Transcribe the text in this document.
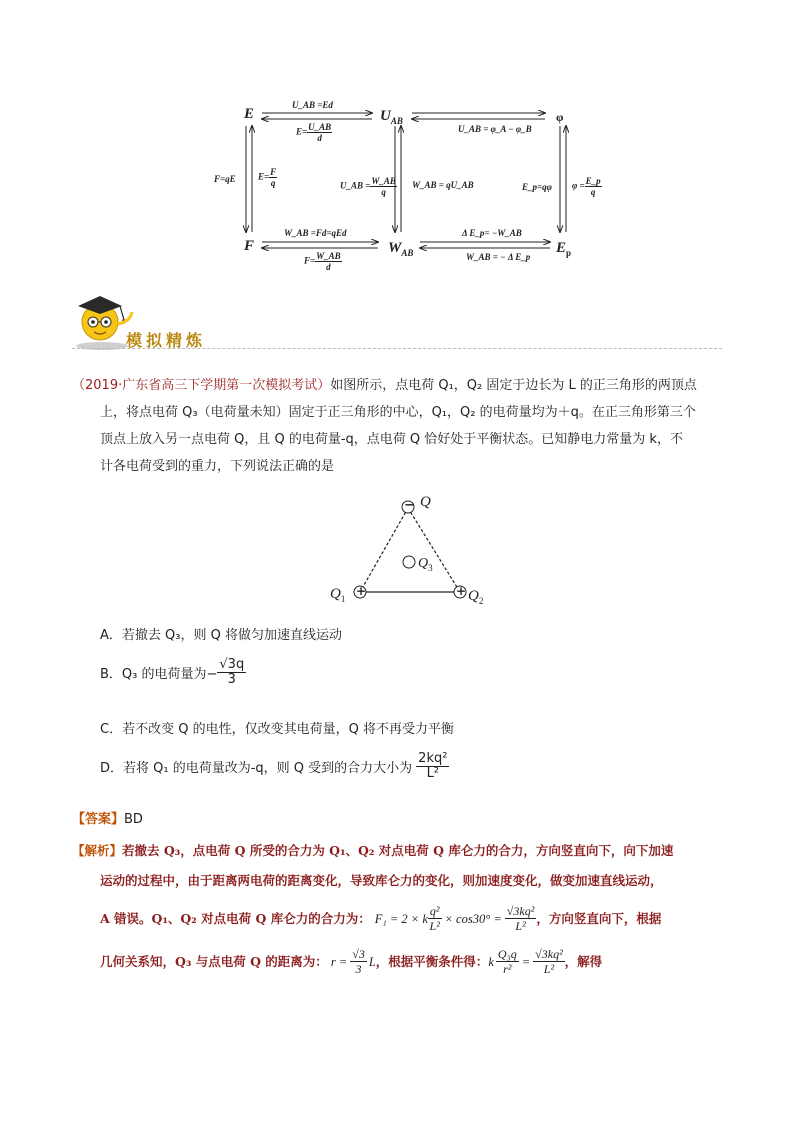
E	$U_{AB}$	φ
F	$W_{AB}$	$E_p$
U_AB =Ed
$E= \frac{U\_AB}{d}$	U_AB = φ_A − φ_B
F=qE $E= \frac{F}{q}$	U_AB = $\frac{W\_AB}{q}$ W_AB = qU_AB	E_p=qφ $\varphi = \frac{E\_p}{q}$
W_AB =Fd=qEd
$F= \frac{W\_AB}{d}$
Δ E_p= −W_AB
W_AB = − Δ E_p
模拟精炼
（2019·广东省高三下学期第一次模拟考试）如图所示，点电荷 Q₁，Q₂ 固定于边长为 L 的正三角形的两顶点
上，将点电荷 Q₃（电荷量未知）固定于正三角形的中心，Q₁，Q₂ 的电荷量均为＋q。在正三角形第三个
顶点上放入另一点电荷 Q，且 Q 的电荷量-q，点电荷 Q 恰好处于平衡状态。已知静电力常量为 k，不
计各电荷受到的重力，下列说法正确的是
−
+	+
Q
$Q_3$
$Q_1$	$Q_2$
A．若撤去 Q₃，则 Q 将做匀加速直线运动
B．Q₃ 的电荷量为− $\frac{√3q}{3}$
C．若不改变 Q 的电性，仅改变其电荷量，Q 将不再受力平衡
D．若将 Q₁ 的电荷量改为-q，则 Q 受到的合力大小为
2kq²
L²
【答案】BD
【解析】若撤去 Q₃，点电荷 Q 所受的合力为 Q₁、Q₂ 对点电荷 Q 库仑力的合力，方向竖直向下，向下加速
运动的过程中，由于距离两电荷的距离变化，导致库仑力的变化，则加速度变化，做变加速直线运动，
A 错误。Q₁、Q₂ 对点电荷 Q 库仑力的合力为： F₁ = 2 × k $\frac{\text{q²}}{\text{L²}} \times \cos 30^\circ = \frac{\text{√3kq²}}{\text{L²}}$ ，方向竖直向下，根据
几何关系知，Q₃ 与点电荷 Q 的距离为： $r = \frac{√3}{3}$ L ，根据平衡条件得： k $\frac{\text{Q₃q}}{\text{r²}} = \frac{\text{√3kq²}}{\text{L²}}$ ，解得
